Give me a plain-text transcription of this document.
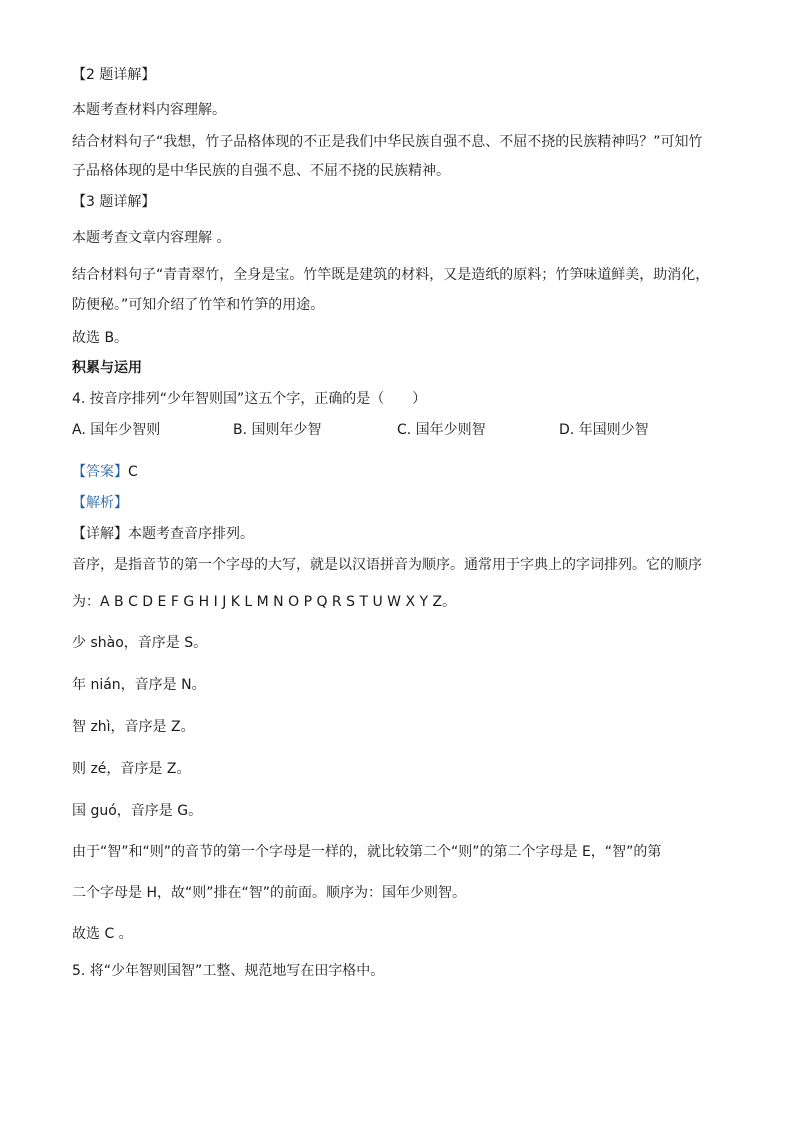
【2 题详解】
本题考查材料内容理解。
结合材料句子“我想，竹子品格体现的不正是我们中华民族自强不息、不屈不挠的民族精神吗？”可知竹
子品格体现的是中华民族的自强不息、不屈不挠的民族精神。
【3 题详解】
本题考查文章内容理解 。
结合材料句子“青青翠竹，全身是宝。竹竿既是建筑的材料，又是造纸的原料；竹笋味道鲜美，助消化，
防便秘。”可知介绍了竹竿和竹笋的用途。
故选 B。
积累与运用
4. 按音序排列“少年智则国”这五个字，正确的是（　　）
A. 国年少智则	B. 国则年少智	C. 国年少则智	D. 年国则少智
【答案】C
【解析】
【详解】本题考查音序排列。
音序，是指音节的第一个字母的大写，就是以汉语拼音为顺序。通常用于字典上的字词排列。它的顺序
为：A B C D E F G H I J K L M N O P Q R S T U W X Y Z。
少 shào，音序是 S。
年 nián，音序是 N。
智 zhì，音序是 Z。
则 zé，音序是 Z。
国 guó，音序是 G。
由于“智”和“则”的音节的第一个字母是一样的，就比较第二个“则”的第二个字母是 E，“智”的第
二个字母是 H，故“则”排在“智”的前面。顺序为：国年少则智。
故选 C 。
5. 将“少年智则国智”工整、规范地写在田字格中。
